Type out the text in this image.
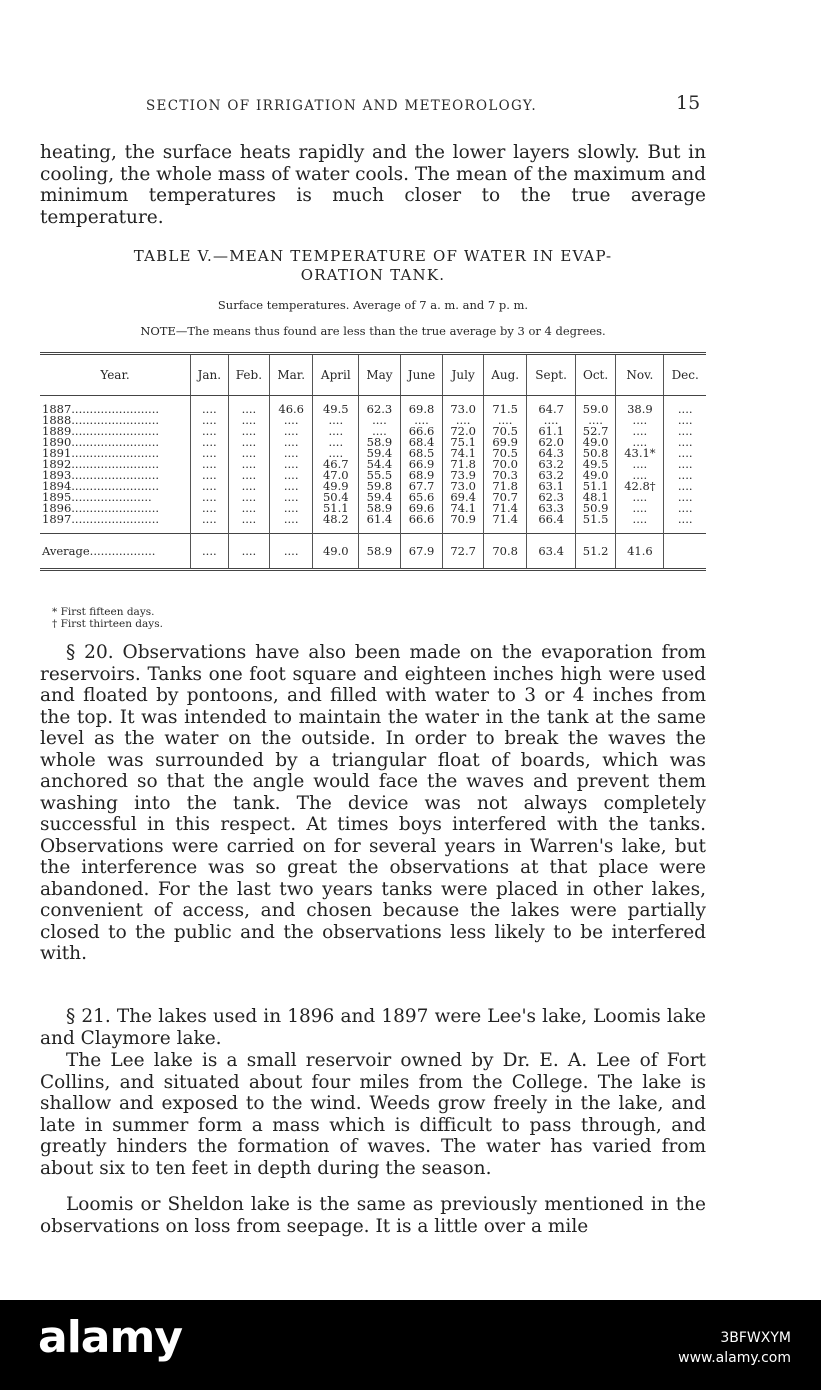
SECTION OF IRRIGATION AND METEOROLOGY.	15

heating, the surface heats rapidly and the lower layers slowly. But in cooling, the whole mass of water cools. The mean of the maximum and minimum temperatures is much closer to the true average temperature.

TABLE V.—MEAN TEMPERATURE OF WATER IN EVAP-
ORATION TANK.
Surface temperatures. Average of 7 a. m. and 7 p. m.
NOTE—The means thus found are less than the true average by 3 or 4 degrees.
Year.	Jan.	Feb.	Mar.	April	May	June	July	Aug.	Sept.	Oct.	Nov.	Dec.
1887........................	....	....	46.6	49.5	62.3	69.8	73.0	71.5	64.7	59.0	38.9	....
1888........................	....	....	....	....	....	....	....	....	....	....	....	....
1889........................	....	....	....	....	....	66.6	72.0	70.5	61.1	52.7	....	....
1890........................	....	....	....	....	58.9	68.4	75.1	69.9	62.0	49.0	....	....
1891........................	....	....	....	....	59.4	68.5	74.1	70.5	64.3	50.8	43.1*	....
1892........................	....	....	....	46.7	54.4	66.9	71.8	70.0	63.2	49.5	....	....
1893........................	....	....	....	47.0	55.5	68.9	73.9	70.3	63.2	49.0	....	....
1894........................	....	....	....	49.9	59.8	67.7	73.0	71.8	63.1	51.1	42.8†	....
1895......................	....	....	....	50.4	59.4	65.6	69.4	70.7	62.3	48.1	....	....
1896........................	....	....	....	51.1	58.9	69.6	74.1	71.4	63.3	50.9	....	....
1897........................	....	....	....	48.2	61.4	66.6	70.9	71.4	66.4	51.5	....	....
Average..................	....	....	....	49.0	58.9	67.9	72.7	70.8	63.4	51.2	41.6	
* First fifteen days.
† First thirteen days.

§ 20. Observations have also been made on the evaporation from reservoirs. Tanks one foot square and eighteen inches high were used and floated by pontoons, and filled with water to 3 or 4 inches from the top. It was intended to maintain the water in the tank at the same level as the water on the outside. In order to break the waves the whole was surrounded by a triangular float of boards, which was anchored so that the angle would face the waves and prevent them washing into the tank. The device was not always completely successful in this respect. At times boys interfered with the tanks. Observations were carried on for several years in Warren's lake, but the interference was so great the observations at that place were abandoned. For the last two years tanks were placed in other lakes, convenient of access, and chosen because the lakes were partially closed to the public and the observations less likely to be interfered with.

§ 21. The lakes used in 1896 and 1897 were Lee's lake, Loomis lake and Claymore lake.

The Lee lake is a small reservoir owned by Dr. E. A. Lee of Fort Collins, and situated about four miles from the College. The lake is shallow and exposed to the wind. Weeds grow freely in the lake, and late in summer form a mass which is difficult to pass through, and greatly hinders the formation of waves. The water has varied from about six to ten feet in depth during the season.

Loomis or Sheldon lake is the same as previously mentioned in the observations on loss from seepage. It is a little over a mile

alamy	3BFWXYM
www.alamy.com
